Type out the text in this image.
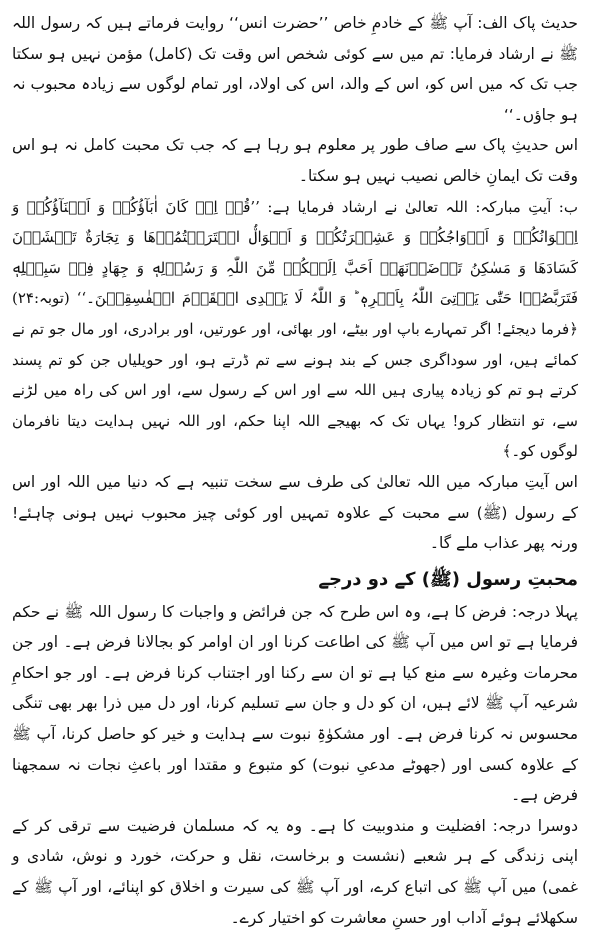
حدیث پاک الف: آپ ﷺ کے خادمِ خاص ’’حضرت انس‘‘ روایت فرماتے ہیں کہ رسول اللہ ﷺ نے ارشاد فرمایا: تم میں سے کوئی شخص اس وقت تک (کامل) مؤمن نہیں ہو سکتا جب تک کہ میں اس کو، اس کے والد، اس کی اولاد، اور تمام لوگوں سے زیادہ محبوب نہ ہو جاؤں۔‘‘

اس حدیثِ پاک سے صاف طور پر معلوم ہو رہا ہے کہ جب تک محبت کامل نہ ہو اس وقت تک ایمانِ خالص نصیب نہیں ہو سکتا۔

ب: آیتِ مبارکہ: اللہ تعالیٰ نے ارشاد فرمایا ہے: ’’قُلۡ اِنۡ کَانَ اٰبَآؤُکُمۡ وَ اَبۡنَآؤُکُمۡ وَ اِخۡوَانُکُمۡ وَ اَزۡوَاجُکُمۡ وَ عَشِیۡرَتُکُمۡ وَ اَمۡوَالُۨ اقۡتَرَفۡتُمُوۡهَا وَ تِجَارَةٌ تَخۡشَوۡنَ كَسَادَهَا وَ مَسٰکِنُ تَرۡضَوۡنَهَاۤ اَحَبَّ اِلَیۡکُمۡ مِّنَ اللّٰہِ وَ رَسُوۡلِهٖ وَ جِهَادٍ فِیۡ سَبِیۡلِهٖ فَتَرَبَّصُوۡا حَتّٰی یَاۡتِیَ اللّٰہُ بِاَمۡرِهٖ ؕ وَ اللّٰہُ لَا یَهۡدِی الۡقَوۡمَ الۡفٰسِقِیۡنَ۔‘‘ (توبہ:۲۴) ﴿فرما دیجئے! اگر تمہارے باپ اور بیٹے، اور بھائی، اور عورتیں، اور برادری، اور مال جو تم نے کمائے ہیں، اور سوداگری جس کے بند ہونے سے تم ڈرتے ہو، اور حویلیاں جن کو تم پسند کرتے ہو تم کو زیادہ پیاری ہیں اللہ سے اور اس کے رسول سے، اور اس کی راہ میں لڑنے سے، تو انتظار کرو! یہاں تک کہ بھیجے اللہ اپنا حکم، اور اللہ نہیں ہدایت دیتا نافرمان لوگوں کو۔﴾

اس آیتِ مبارکہ میں اللہ تعالیٰ کی طرف سے سخت تنبیہ ہے کہ دنیا میں اللہ اور اس کے رسول (ﷺ) سے محبت کے علاوہ تمہیں اور کوئی چیز محبوب نہیں ہونی چاہئے! ورنہ پھر عذاب ملے گا۔

محبتِ رسول (ﷺ) کے دو درجے

پہلا درجہ: فرض کا ہے، وہ اس طرح کہ جن فرائض و واجبات کا رسول اللہ ﷺ نے حکم فرمایا ہے تو اس میں آپ ﷺ کی اطاعت کرنا اور ان اوامر کو بجالانا فرض ہے۔ اور جن محرمات وغیرہ سے منع کیا ہے تو ان سے رکنا اور اجتناب کرنا فرض ہے۔ اور جو احکامِ شرعیہ آپ ﷺ لائے ہیں، ان کو دل و جان سے تسلیم کرنا، اور دل میں ذرا بھر بھی تنگی محسوس نہ کرنا فرض ہے۔ اور مشکوٰۃِ نبوت سے ہدایت و خیر کو حاصل کرنا، آپ ﷺ کے علاوہ کسی اور (جھوٹے مدعیِ نبوت) کو متبوع و مقتدا اور باعثِ نجات نہ سمجھنا فرض ہے۔

دوسرا درجہ: افضلیت و مندوبیت کا ہے۔ وہ یہ کہ مسلمان فرضیت سے ترقی کر کے اپنی زندگی کے ہر شعبے (نشست و برخاست، نقل و حرکت، خورد و نوش، شادی و غمی) میں آپ ﷺ کی اتباع کرے، اور آپ ﷺ کی سیرت و اخلاق کو اپنائے، اور آپ ﷺ کے سکھلائے ہوئے آداب اور حسنِ معاشرت کو اختیار کرے۔
